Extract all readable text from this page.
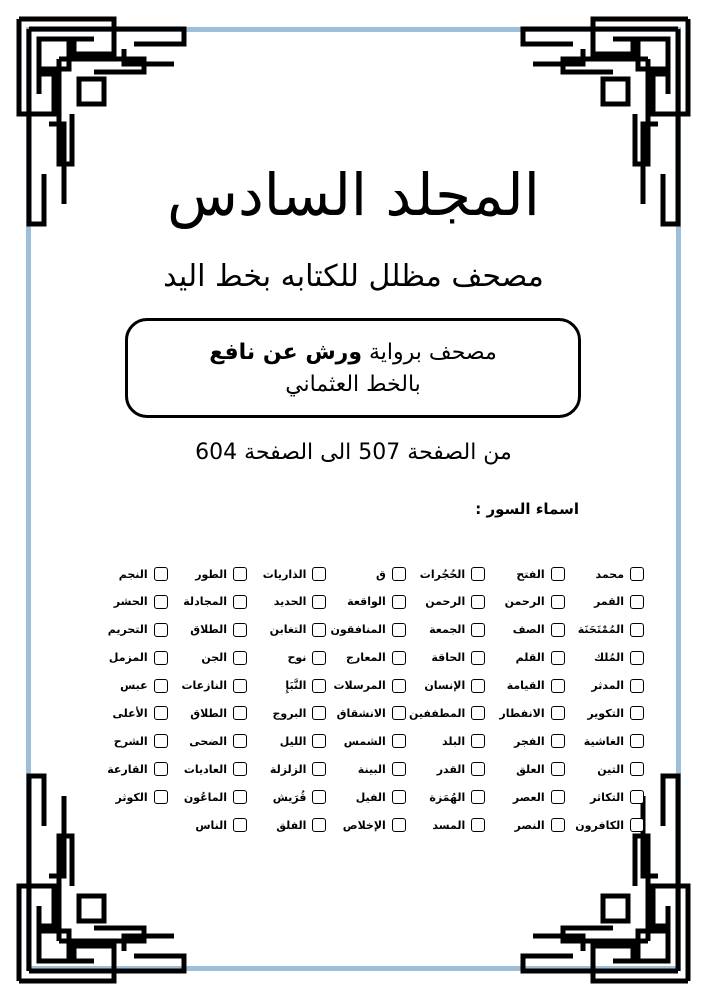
المجلد السادس
مصحف مظلل للكتابه بخط اليد
مصحف برواية ورش عن نافع
بالخط العثماني
من الصفحة 507 الى الصفحة 604
اسماء السور :
محمد
الفتح
الحُجُرات
ق
الذاريات
الطور
النجم
القمر
الرحمن
الرحمن
الواقعة
الحديد
المجادلة
الحشر
المُمْتَحَنَة
الصف
الجمعة
المنافقون
التغابن
الطلاق
التحريم
المُلك
القلم
الحاقة
المعارج
نوح
الجن
المزمل
المدثر
القيامة
الإنسان
المرسلات
النَّبَإِ
النازعات
عبس
التكوير
الانفطار
المطففين
الانشقاق
البروج
الطلاق
الأعلى
الغاشية
الفجر
البلد
الشمس
الليل
الضحى
الشرح
التين
العلق
القدر
البينة
الزلزلة
العاديات
القارعة
التكاثر
العصر
الهُمَزة
الفيل
قُرَيش
الماعُون
الكوثر
الكافرون
النصر
المسد
الإخلاص
الفلق
الناس
